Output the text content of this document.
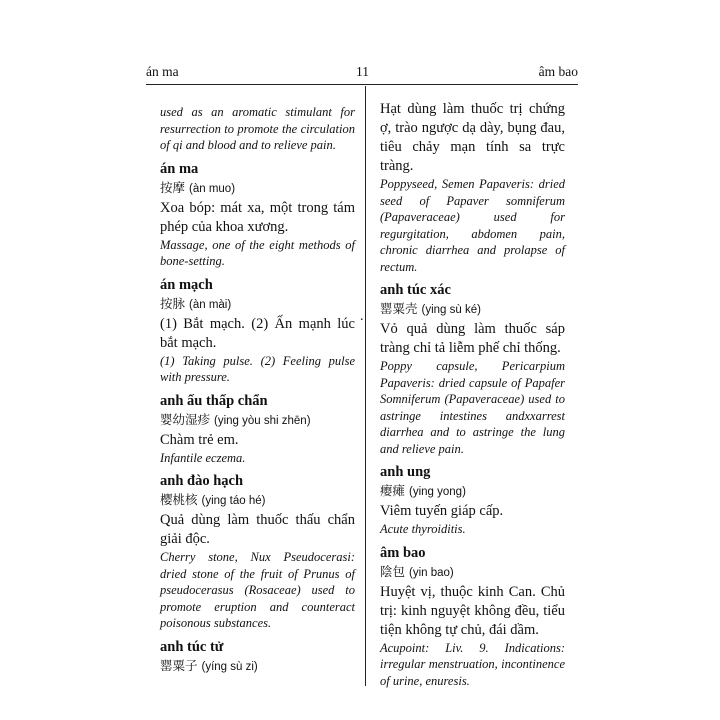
án ma	11	âm bao
.
used as an aromatic stimulant for resurrection to promote the circulation of qi and blood and to relieve pain.
án ma
按摩 (àn muo)
Xoa bóp: mát xa, một trong tám phép của khoa xương.
Massage, one of the eight methods of bone-setting.
án mạch
按脉 (àn mài)
(1) Bắt mạch. (2) Ấn mạnh lúc bắt mạch.
(1) Taking pulse. (2) Feeling pulse with pressure.
anh ấu thấp chẩn
婴幼湿疹 (ying yòu shi zhēn)
Chàm trẻ em.
Infantile eczema.
anh đào hạch
樱桃核 (ying táo hé)
Quả dùng làm thuốc thấu chẩn giải độc.
Cherry stone, Nux Pseudocerasi: dried stone of the fruit of Prunus of pseudocerasus (Rosaceae) used to promote eruption and counteract poisonous substances.
anh túc tử
罂粟子 (yíng sù zi)
Hạt dùng làm thuốc trị chứng ợ, trào ngược dạ dày, bụng đau, tiêu chảy mạn tính sa trực tràng.
Poppyseed, Semen Papaveris: dried seed of Papaver somniferum (Papaveraceae) used for regurgitation, abdomen pain, chronic diarrhea and prolapse of rectum.
anh túc xác
罂粟壳 (ying sù ké)
Vỏ quả dùng làm thuốc sáp tràng chỉ tả liễm phế chỉ thống.
Poppy capsule, Pericarpium Papaveris: dried capsule of Papafer Somniferum (Papaveraceae) used to astringe intestines andxxarrest diarrhea and to astringe the lung and relieve pain.
anh ung
瘿瘫 (ying yong)
Viêm tuyến giáp cấp.
Acute thyroiditis.
âm bao
陰包 (yin bao)
Huyệt vị, thuộc kinh Can. Chủ trị: kinh nguyệt không đều, tiểu tiện không tự chủ, đái dầm.
Acupoint: Liv. 9. Indications: irregular menstruation, incontinence of urine, enuresis.
